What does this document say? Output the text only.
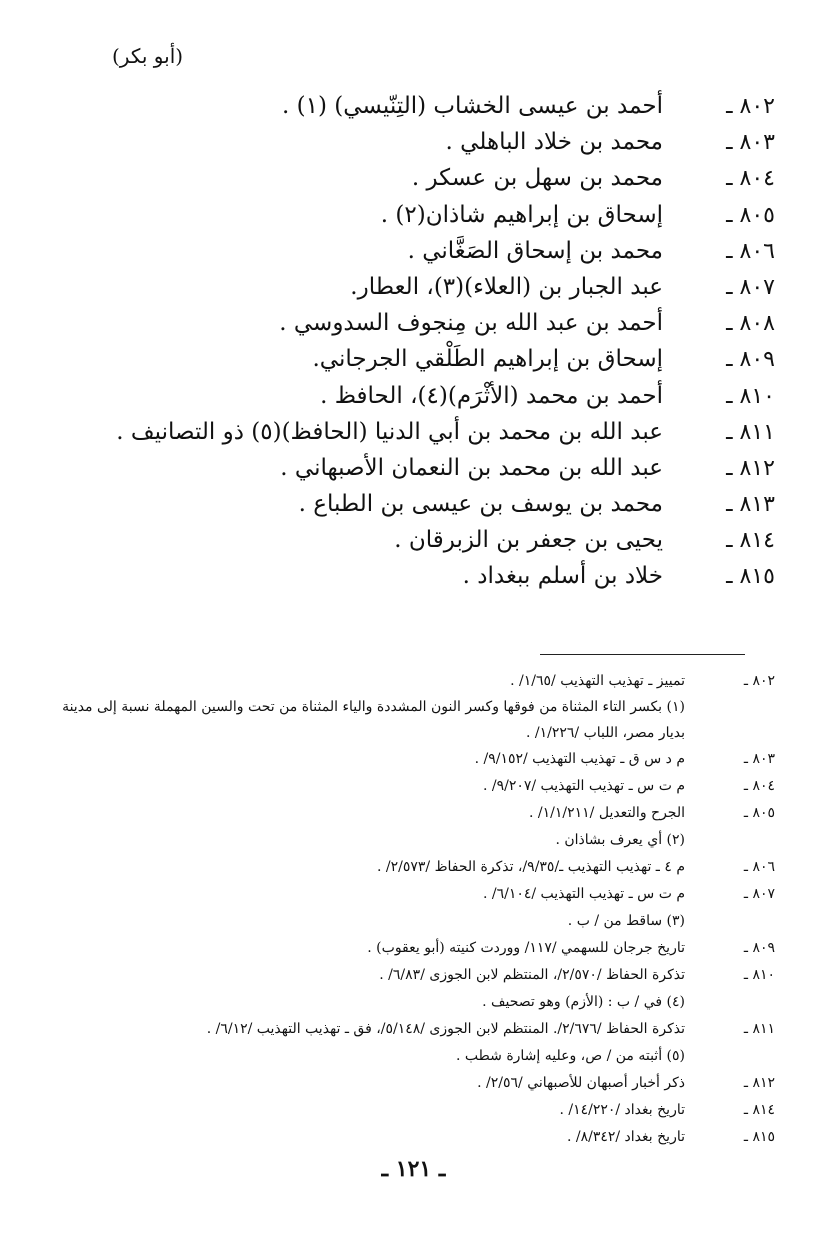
(أبو بكر)
٨٠٢ ـ
أحمد بن عيسى الخشاب (التِنّيسي) (١) .
٨٠٣ ـ
محمد بن خلاد الباهلي .
٨٠٤ ـ
محمد بن سهل بن عسكر .
٨٠٥ ـ
إسحاق بن إبراهيم شاذان(٢) .
٨٠٦ ـ
محمد بن إسحاق الصَغَّاني .
٨٠٧ ـ
عبد الجبار بن (العلاء)(٣)، العطار.
٨٠٨ ـ
أحمد بن عبد الله بن مِنجوف السدوسي .
٨٠٩ ـ
إسحاق بن إبراهيم الطَلْقي الجرجاني.
٨١٠ ـ
أحمد بن محمد (الأثْرَم)(٤)، الحافظ .
٨١١ ـ
عبد الله بن محمد بن أبي الدنيا (الحافظ)(٥) ذو التصانيف .
٨١٢ ـ
عبد الله بن محمد بن النعمان الأصبهاني .
٨١٣ ـ
محمد بن يوسف بن عيسى بن الطباع .
٨١٤ ـ
يحيى بن جعفر بن الزبرقان .
٨١٥ ـ
خلاد بن أسلم ببغداد .
٨٠٢ ـ
تمييز ـ تهذيب التهذيب /١/٦٥/ .
(١) بكسر التاء المثناة من فوقها وكسر النون المشددة والياء المثناة من تحت والسين المهملة نسبة إلى مدينة بديار مصر، اللباب /١/٢٢٦/ .
٨٠٣ ـ
م د س ق ـ تهذيب التهذيب /٩/١٥٢/ .
٨٠٤ ـ
م ت س ـ تهذيب التهذيب /٩/٢٠٧/ .
٨٠٥ ـ
الجرح والتعديل /١/١/٢١١/ .
(٢) أي يعرف بشاذان .
٨٠٦ ـ
م ٤ ـ تهذيب التهذيب ـ/٩/٣٥/، تذكرة الحفاظ /٢/٥٧٣/ .
٨٠٧ ـ
م ت س ـ تهذيب التهذيب /٦/١٠٤/ .
(٣) ساقط من / ب .
٨٠٩ ـ
تاريخ جرجان للسهمي /١١٧/ ووردت كنيته (أبو يعقوب) .
٨١٠ ـ
تذكرة الحفاظ /٢/٥٧٠/، المنتظم لابن الجوزى /٦/٨٣/ .
(٤) في / ب : (الأزم) وهو تصحيف .
٨١١ ـ
تذكرة الحفاظ /٢/٦٧٦/. المنتظم لابن الجوزى /٥/١٤٨/، فق ـ تهذيب التهذيب /٦/١٢/ .
(٥) أثبته من / ص، وعليه إشارة شطب .
٨١٢ ـ
ذكر أخبار أصبهان للأصبهاني /٢/٥٦/ .
٨١٤ ـ
تاريخ بغداد /١٤/٢٢٠/ .
٨١٥ ـ
تاريخ بغداد /٨/٣٤٢/ .
ـ ١٢١ ـ
